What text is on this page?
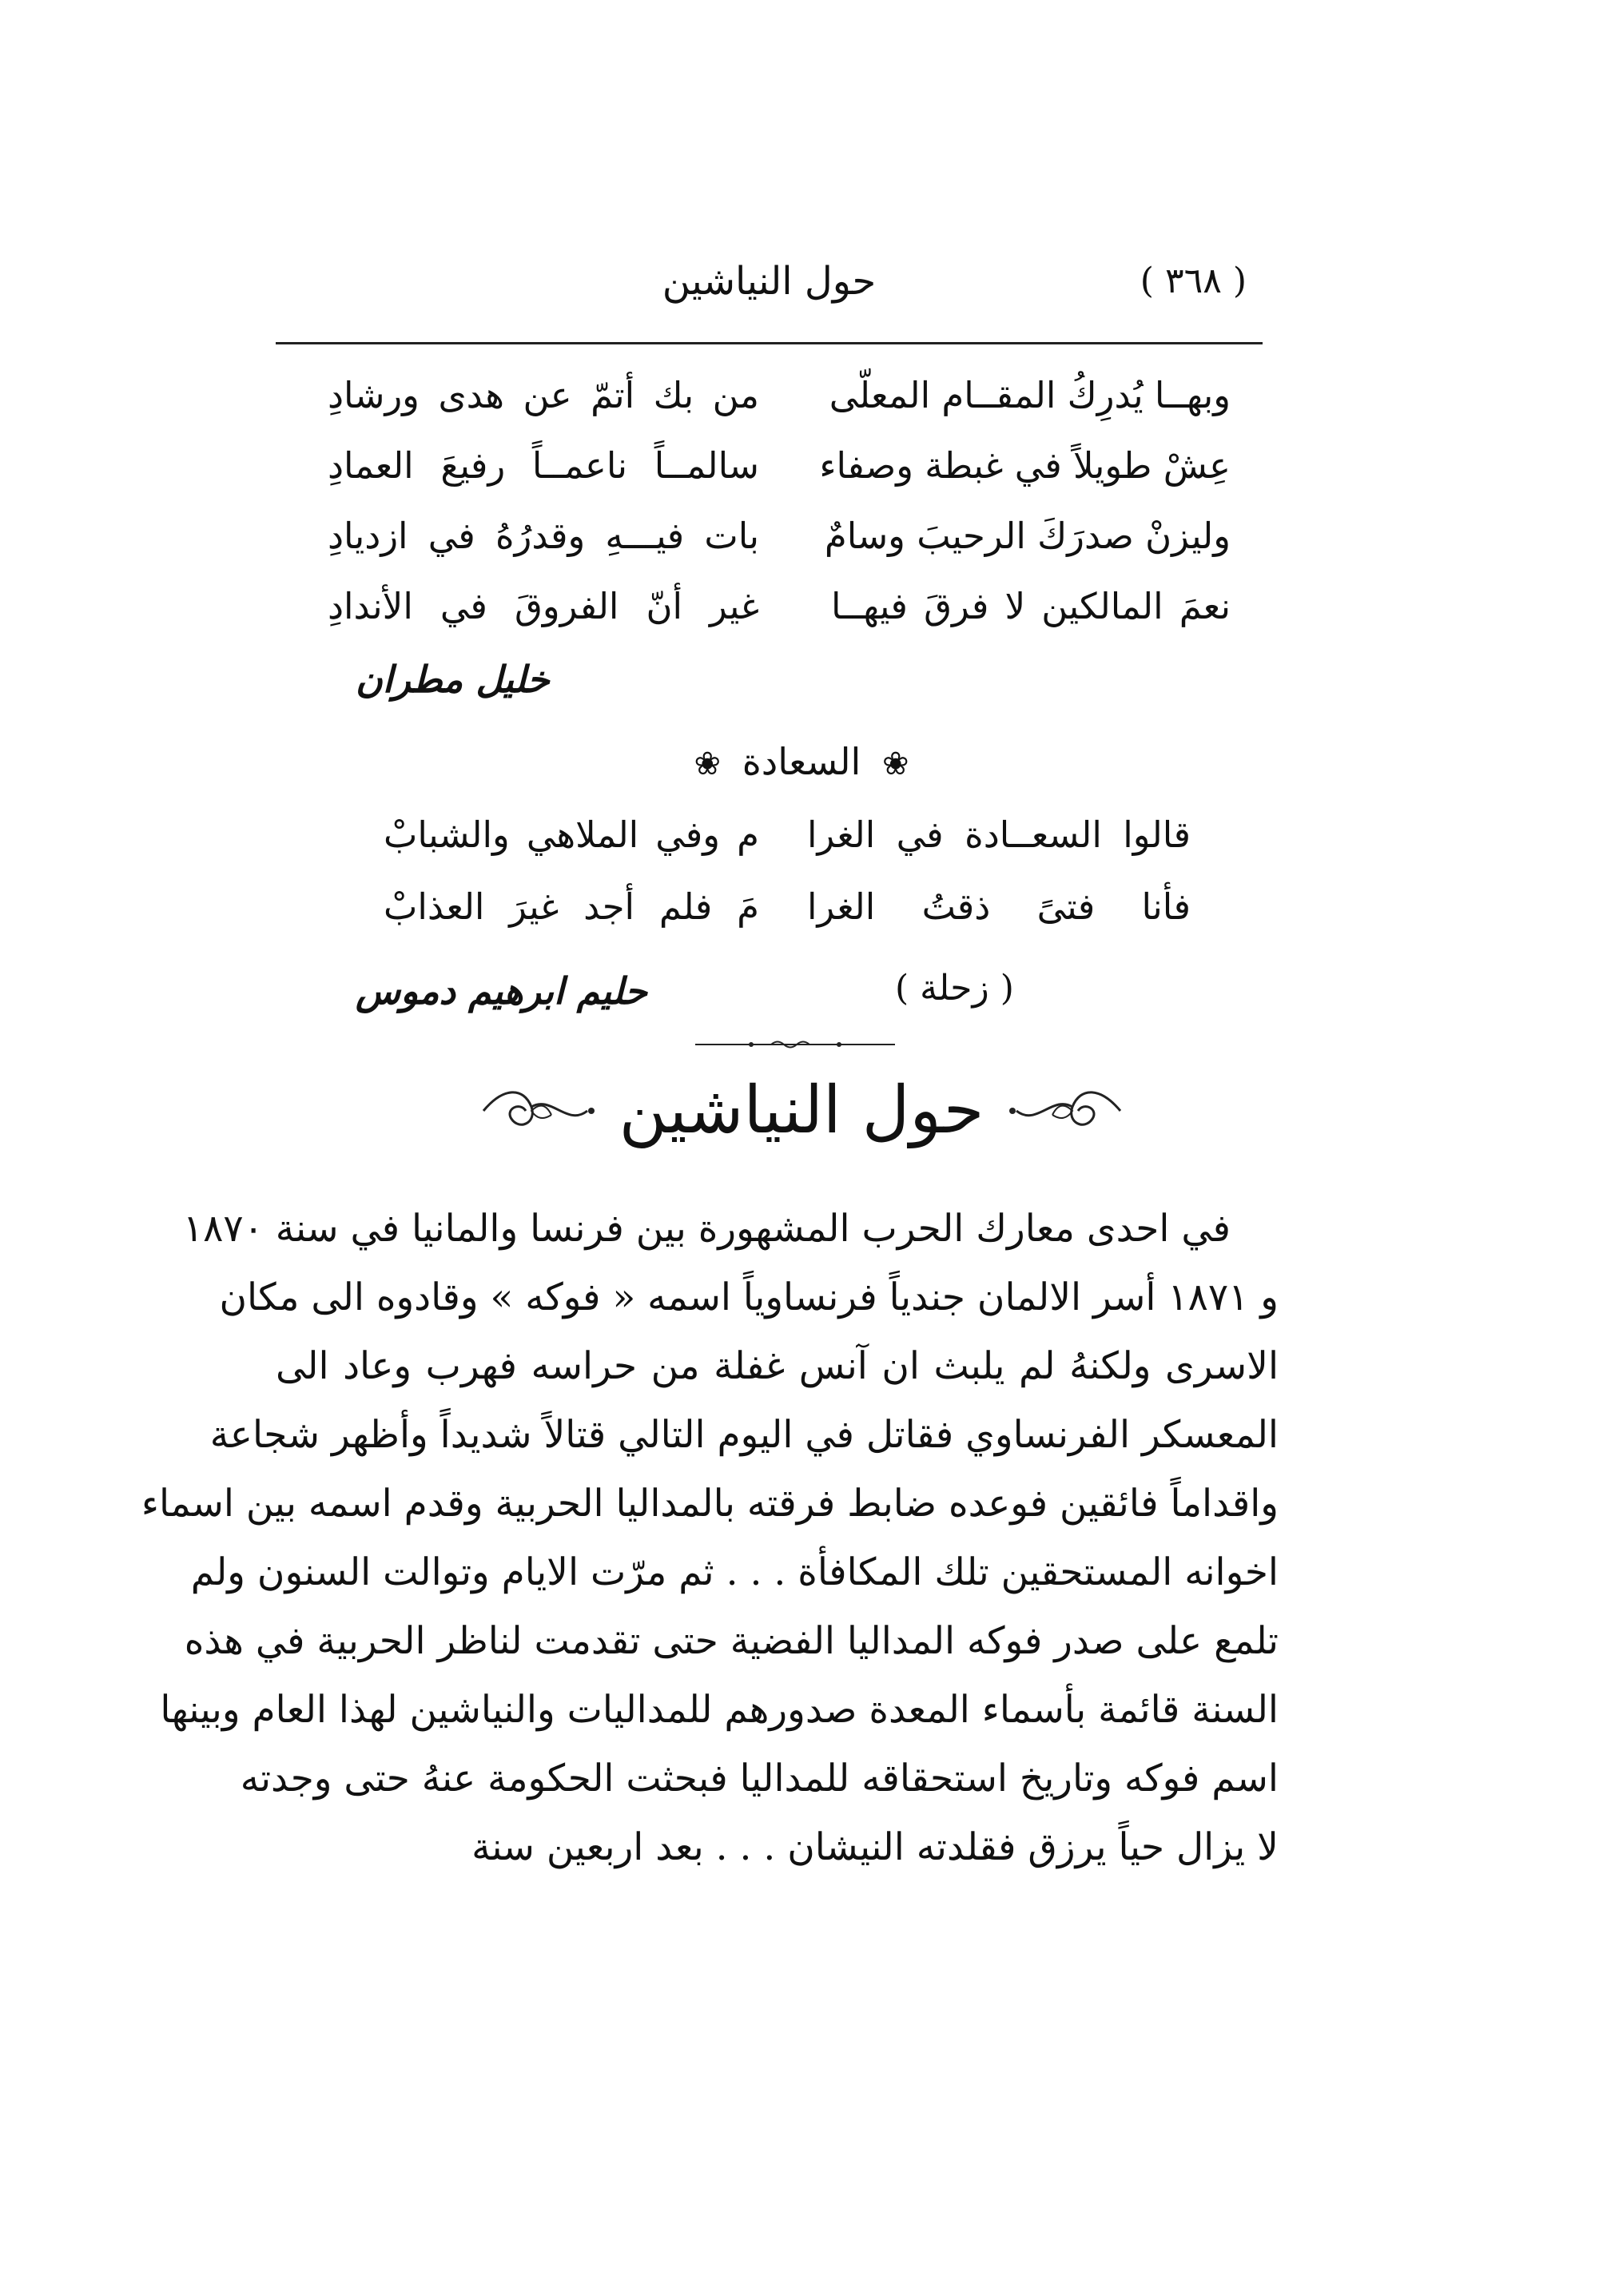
( ٣٦٨ )
حول النياشين
وبهــا يُدرِكُ المقــام المعلّى
من بك أتمّ عن هدى ورشادِ
عِشْ طويلاً في غبطة وصفاء
سالمــاً ناعمــاً رفيعَ العمادِ
وليزنْ صدرَكَ الرحيبَ وسامٌ
بات فيـــهِ وقدرُهُ في ازديادِ
نعمَ المالكين لا فرقَ فيهــا
غير أنّ الفروقَ في الأندادِ
خليل مطران
❀ السعادة ❀
قالوا السعــادة في الغرا
م وفي الملاهي والشبابْ
فأنا فتىً ذقتُ الغرا
مَ فلم أجد غيرَ العذابْ
( زحلة )
حليم ابرهيم دموس
حول النياشين
في احدى معارك الحرب المشهورة بين فرنسا والمانيا في سنة ١٨٧٠
و ١٨٧١ أسر الالمان جندياً فرنساوياً اسمه « فوكه » وقادوه الى مكان
الاسرى ولكنهُ لم يلبث ان آنس غفلة من حراسه فهرب وعاد الى
المعسكر الفرنساوي فقاتل في اليوم التالي قتالاً شديداً وأظهر شجاعة
واقداماً فائقين فوعده ضابط فرقته بالمداليا الحربية وقدم اسمه بين اسماء
اخوانه المستحقين تلك المكافأة . . . ثم مرّت الايام وتوالت السنون ولم
تلمع على صدر فوكه المداليا الفضية حتى تقدمت لناظر الحربية في هذه
السنة قائمة بأسماء المعدة صدورهم للمداليات والنياشين لهذا العام وبينها
اسم فوكه وتاريخ استحقاقه للمداليا فبحثت الحكومة عنهُ حتى وجدته
لا يزال حياً يرزق فقلدته النيشان . . . بعد اربعين سنة
